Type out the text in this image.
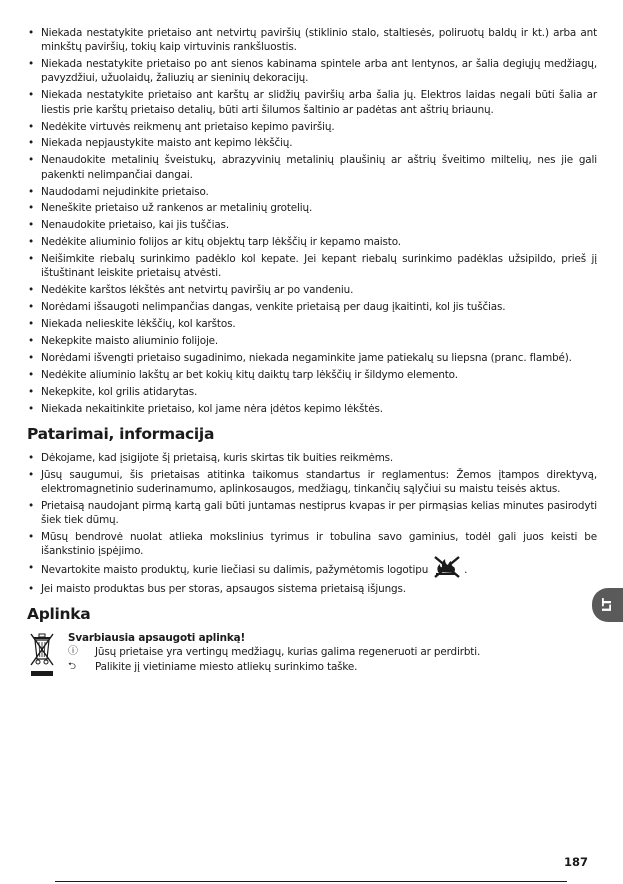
• Niekada nestatykite prietaiso ant netvirtų paviršių (stiklinio stalo, staltiesės, poliruotų baldų ir kt.) arba ant minkštų paviršių, tokių kaip virtuvinis rankšluostis.
• Niekada nestatykite prietaiso po ant sienos kabinama spintele arba ant lentynos, ar šalia degiųjų medžiagų, pavyzdžiui, užuolaidų, žaliuzių ar sieninių dekoracijų.
• Niekada nestatykite prietaiso ant karštų ar slidžių paviršių arba šalia jų. Elektros laidas negali būti šalia ar liestis prie karštų prietaiso detalių, būti arti šilumos šaltinio ar padėtas ant aštrių briaunų.
• Nedėkite virtuvės reikmenų ant prietaiso kepimo paviršių.
• Niekada nepjaustykite maisto ant kepimo lėkščių.
• Nenaudokite metalinių šveistukų, abrazyvinių metalinių plaušinių ar aštrių šveitimo miltelių, nes jie gali pakenkti nelimpančiai dangai.
• Naudodami nejudinkite prietaiso.
• Neneškite prietaiso už rankenos ar metalinių grotelių.
• Nenaudokite prietaiso, kai jis tuščias.
• Nedėkite aliuminio folijos ar kitų objektų tarp lėkščių ir kepamo maisto.
• Neišimkite riebalų surinkimo padėklo kol kepate. Jei kepant riebalų surinkimo padėklas užsipildo, prieš jį ištuštinant leiskite prietaisų atvėsti.
• Nedėkite karštos lėkštės ant netvirtų paviršių ar po vandeniu.
• Norėdami išsaugoti nelimpančias dangas, venkite prietaisą per daug įkaitinti, kol jis tuščias.
• Niekada nelieskite lėkščių, kol karštos.
• Nekepkite maisto aliuminio folijoje.
• Norėdami išvengti prietaiso sugadinimo, niekada negaminkite jame patiekalų su liepsna (pranc. flambé).
• Nedėkite aliuminio lakštų ar bet kokių kitų daiktų tarp lėkščių ir šildymo elemento.
• Nekepkite, kol grilis atidarytas.
• Niekada nekaitinkite prietaiso, kol jame nėra įdėtos kepimo lėkštės.
Patarimai, informacija
• Dėkojame, kad įsigijote šį prietaisą, kuris skirtas tik buities reikmėms.
• Jūsų saugumui, šis prietaisas atitinka taikomus standartus ir reglamentus: Žemos įtampos direktyvą, elektromagnetinio suderinamumo, aplinkosaugos, medžiagų, tinkančių sąlyčiui su maistu teisės aktus.
• Prietaisą naudojant pirmą kartą gali būti juntamas nestiprus kvapas ir per pirmąsias kelias minutes pasirodyti šiek tiek dūmų.
• Mūsų bendrovė nuolat atlieka mokslinius tyrimus ir tobulina savo gaminius, todėl gali juos keisti be išankstinio įspėjimo.
• Nevartokite maisto produktų, kurie liečiasi su dalimis, pažymėtomis logotipu	.
• Jei maisto produktas bus per storas, apsaugos sistema prietaisą išjungs.
Aplinka
Svarbiausia apsaugoti aplinką!
ⓘ Jūsų prietaise yra vertingų medžiagų, kurias galima regeneruoti ar perdirbti.
⮌ Palikite jį vietiniame miesto atliekų surinkimo taške.
LT
187
